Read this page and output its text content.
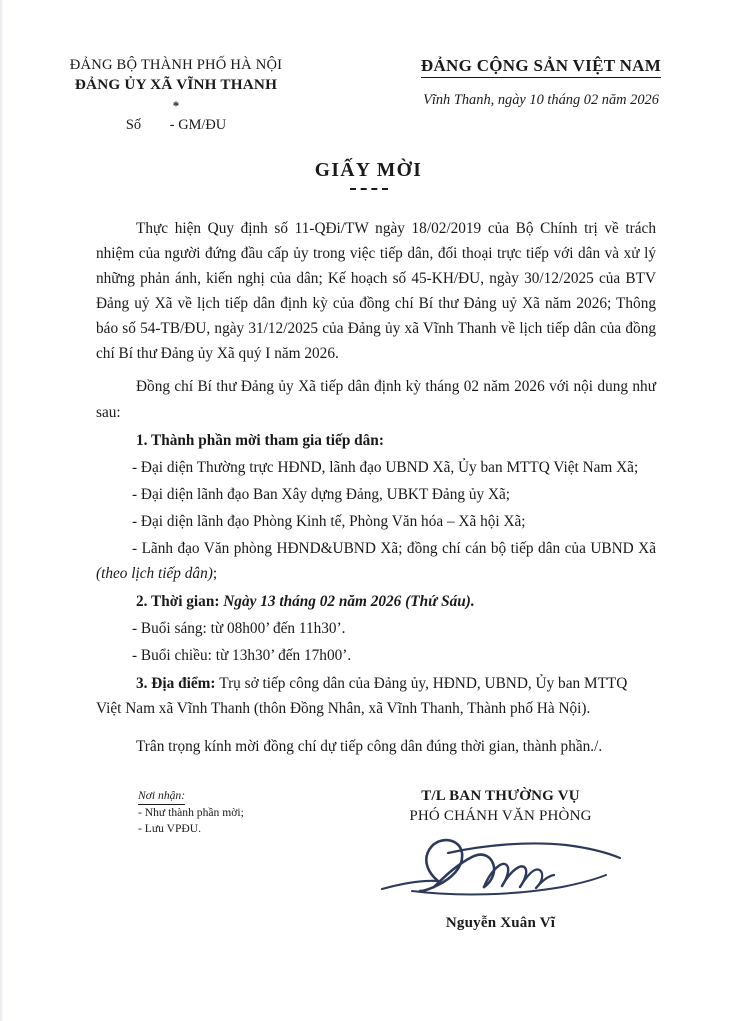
ĐẢNG BỘ THÀNH PHỐ HÀ NỘI
ĐẢNG ỦY XÃ VĨNH THANH
*
Số        - GM/ĐU
ĐẢNG CỘNG SẢN VIỆT NAM
Vĩnh Thanh, ngày 10 tháng 02 năm 2026
GIẤY MỜI

Thực hiện Quy định số 11-QĐi/TW ngày 18/02/2019 của Bộ Chính trị về trách nhiệm của người đứng đầu cấp ủy trong việc tiếp dân, đối thoại trực tiếp với dân và xử lý những phản ánh, kiến nghị của dân; Kế hoạch số 45-KH/ĐU, ngày 30/12/2025 của BTV Đảng uỷ Xã về lịch tiếp dân định kỳ của đồng chí Bí thư Đảng uỷ Xã năm 2026; Thông báo số 54-TB/ĐU, ngày 31/12/2025 của Đảng ủy xã Vĩnh Thanh về lịch tiếp dân của đồng chí Bí thư Đảng ủy Xã quý I năm 2026.

Đồng chí Bí thư Đảng ủy Xã tiếp dân định kỳ tháng 02 năm 2026 với nội dung như sau:

1. Thành phần mời tham gia tiếp dân:

- Đại diện Thường trực HĐND, lãnh đạo UBND Xã, Ủy ban MTTQ Việt Nam Xã;

- Đại diện lãnh đạo Ban Xây dựng Đảng, UBKT Đảng ủy Xã;

- Đại diện lãnh đạo Phòng Kinh tế, Phòng Văn hóa – Xã hội Xã;

- Lãnh đạo Văn phòng HĐND&UBND Xã; đồng chí cán bộ tiếp dân của UBND Xã (theo lịch tiếp dân);

2. Thời gian: Ngày 13 tháng 02 năm 2026 (Thứ Sáu).

- Buổi sáng: từ 08h00’ đến 11h30’.

- Buổi chiều: từ 13h30’ đến 17h00’.

3. Địa điểm: Trụ sở tiếp công dân của Đảng ủy, HĐND, UBND, Ủy ban MTTQ Việt Nam xã Vĩnh Thanh (thôn Đồng Nhân, xã Vĩnh Thanh, Thành phố Hà Nội).

Trân trọng kính mời đồng chí dự tiếp công dân đúng thời gian, thành phần./.

Nơi nhận:
- Như thành phần mời;
- Lưu VPĐU.
T/L BAN THƯỜNG VỤ
PHÓ CHÁNH VĂN PHÒNG
Nguyễn Xuân Vĩ
